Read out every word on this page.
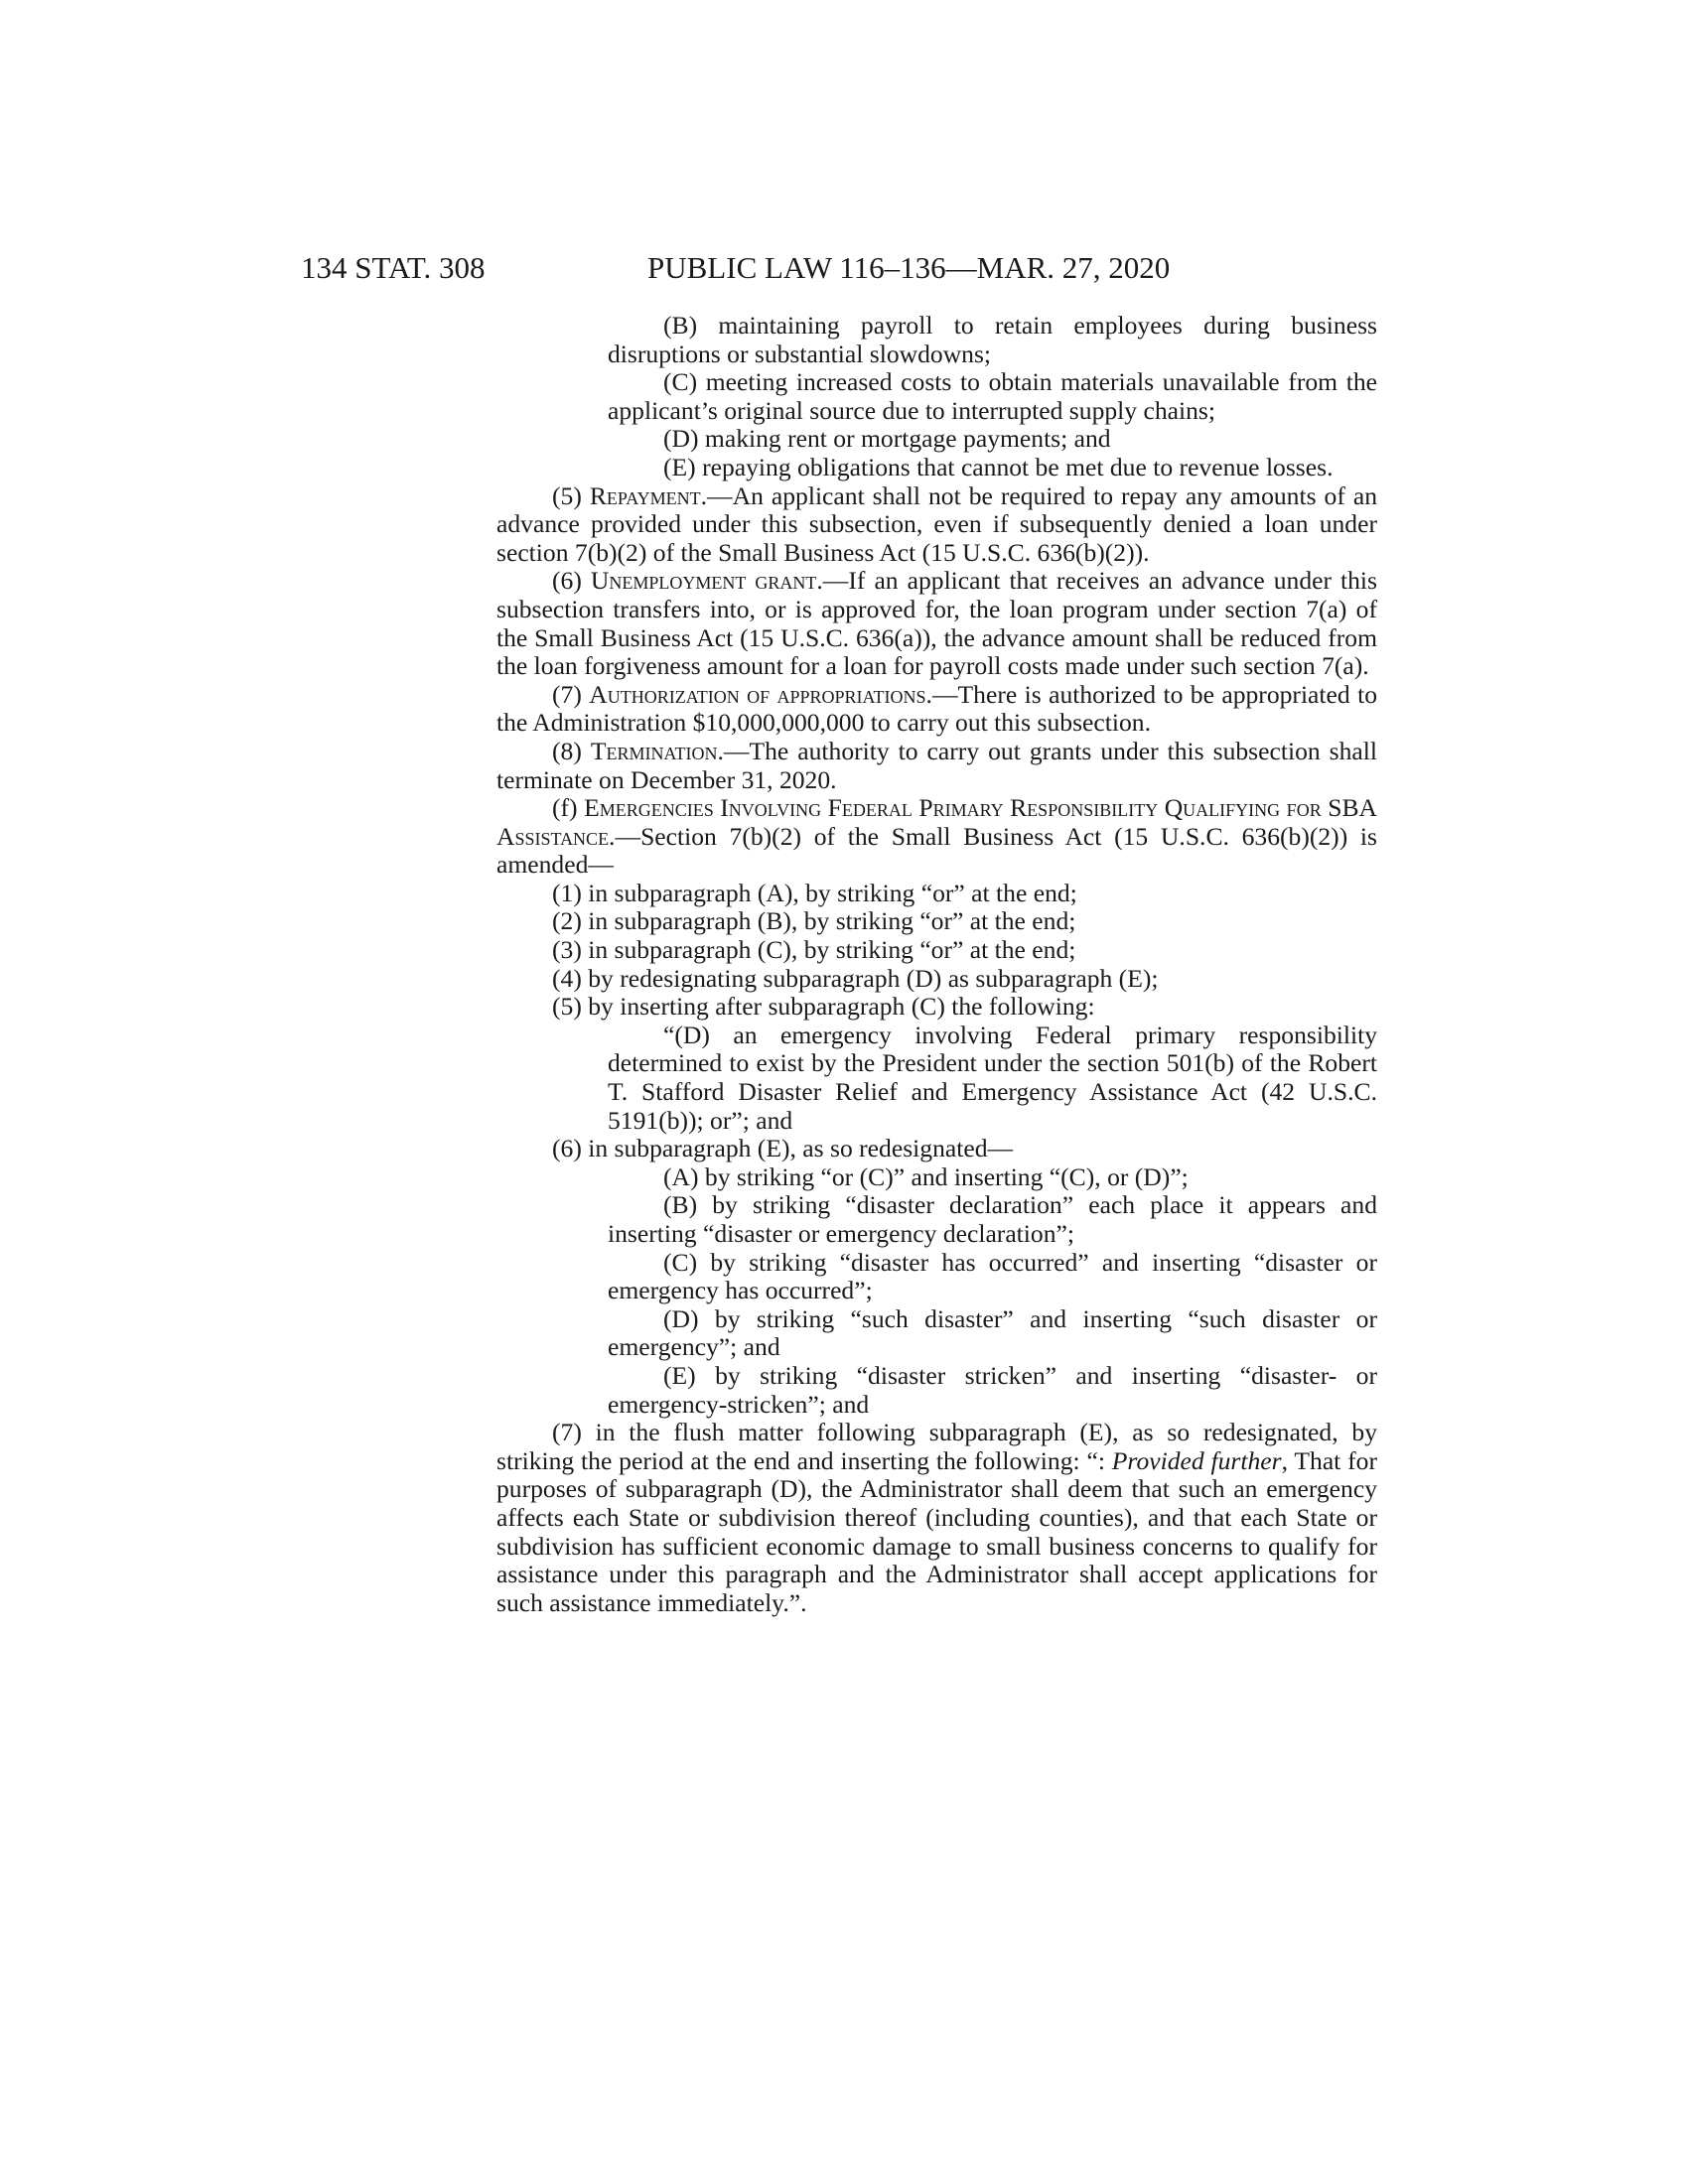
134 STAT. 308	PUBLIC LAW 116–136—MAR. 27, 2020

(B) maintaining payroll to retain employees during business disruptions or substantial slowdowns;

(C) meeting increased costs to obtain materials unavailable from the applicant’s original source due to interrupted supply chains;

(D) making rent or mortgage payments; and

(E) repaying obligations that cannot be met due to revenue losses.

(5) Repayment.—An applicant shall not be required to repay any amounts of an advance provided under this subsection, even if subsequently denied a loan under section 7(b)(2) of the Small Business Act (15 U.S.C. 636(b)(2)).

(6) Unemployment grant.—If an applicant that receives an advance under this subsection transfers into, or is approved for, the loan program under section 7(a) of the Small Business Act (15 U.S.C. 636(a)), the advance amount shall be reduced from the loan forgiveness amount for a loan for payroll costs made under such section 7(a).

(7) Authorization of appropriations.—There is authorized to be appropriated to the Administration $10,000,000,000 to carry out this subsection.

(8) Termination.—The authority to carry out grants under this subsection shall terminate on December 31, 2020.

(f) Emergencies Involving Federal Primary Responsibility Qualifying for SBA Assistance.—Section 7(b)(2) of the Small Business Act (15 U.S.C. 636(b)(2)) is amended—

(1) in subparagraph (A), by striking “or” at the end;

(2) in subparagraph (B), by striking “or” at the end;

(3) in subparagraph (C), by striking “or” at the end;

(4) by redesignating subparagraph (D) as subparagraph (E);

(5) by inserting after subparagraph (C) the following:

“(D) an emergency involving Federal primary responsibility determined to exist by the President under the section 501(b) of the Robert T. Stafford Disaster Relief and Emergency Assistance Act (42 U.S.C. 5191(b)); or”; and

(6) in subparagraph (E), as so redesignated—

(A) by striking “or (C)” and inserting “(C), or (D)”;

(B) by striking “disaster declaration” each place it appears and inserting “disaster or emergency declaration”;

(C) by striking “disaster has occurred” and inserting “disaster or emergency has occurred”;

(D) by striking “such disaster” and inserting “such disaster or emergency”; and

(E) by striking “disaster stricken” and inserting “disaster- or emergency-stricken”; and

(7) in the flush matter following subparagraph (E), as so redesignated, by striking the period at the end and inserting the following: “: Provided further, That for purposes of subparagraph (D), the Administrator shall deem that such an emergency affects each State or subdivision thereof (including counties), and that each State or subdivision has sufficient economic damage to small business concerns to qualify for assistance under this paragraph and the Administrator shall accept applications for such assistance immediately.”.
